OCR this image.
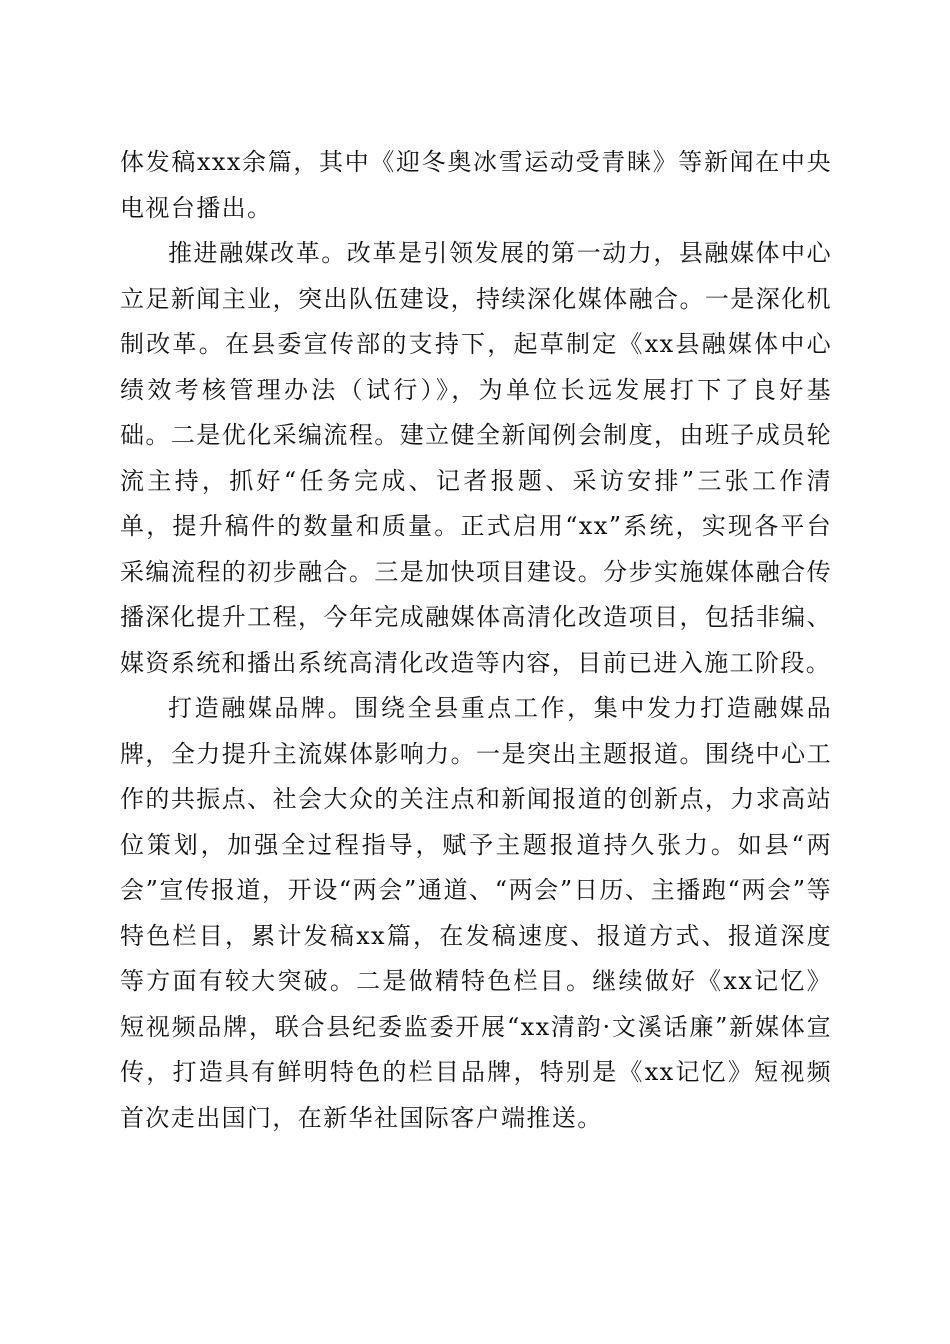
体发稿xxx余篇，其中《迎冬奥冰雪运动受青睐》等新闻在中央电视台播出。

推进融媒改革。改革是引领发展的第一动力，县融媒体中心立足新闻主业，突出队伍建设，持续深化媒体融合。一是深化机制改革。在县委宣传部的支持下，起草制定《xx县融媒体中心绩效考核管理办法（试行）》，为单位长远发展打下了良好基础。二是优化采编流程。建立健全新闻例会制度，由班子成员轮流主持，抓好“任务完成、记者报题、采访安排”三张工作清单，提升稿件的数量和质量。正式启用“xx”系统，实现各平台采编流程的初步融合。三是加快项目建设。分步实施媒体融合传播深化提升工程，今年完成融媒体高清化改造项目，包括非编、媒资系统和播出系统高清化改造等内容，目前已进入施工阶段。

打造融媒品牌。围绕全县重点工作，集中发力打造融媒品牌，全力提升主流媒体影响力。一是突出主题报道。围绕中心工作的共振点、社会大众的关注点和新闻报道的创新点，力求高站位策划，加强全过程指导，赋予主题报道持久张力。如县“两会”宣传报道，开设“两会”通道、“两会”日历、主播跑“两会”等特色栏目，累计发稿xx篇，在发稿速度、报道方式、报道深度等方面有较大突破。二是做精特色栏目。继续做好《xx记忆》短视频品牌，联合县纪委监委开展“xx清韵·文溪话廉”新媒体宣传，打造具有鲜明特色的栏目品牌，特别是《xx记忆》短视频首次走出国门，在新华社国际客户端推送。
